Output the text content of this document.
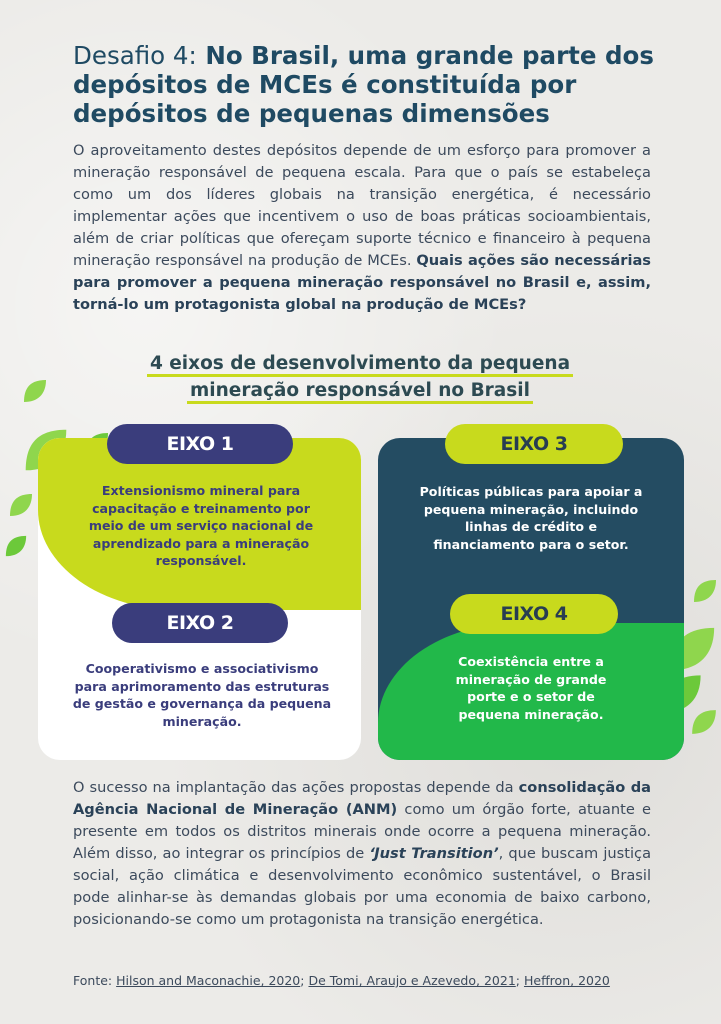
Desafio 4: No Brasil, uma grande parte dos depósitos de MCEs é constituída por depósitos de pequenas dimensões

O aproveitamento destes depósitos depende de um esforço para promover a mineração responsável de pequena escala. Para que o país se estabeleça como um dos líderes globais na transição energética, é necessário implementar ações que incentivem o uso de boas práticas socioambientais, além de criar políticas que ofereçam suporte técnico e financeiro à pequena mineração responsável na produção de MCEs. Quais ações são necessárias para promover a pequena mineração responsável no Brasil e, assim, torná-lo um protagonista global na produção de MCEs?

4 eixos de desenvolvimento da pequena
mineração responsável no Brasil
Extensionismo mineral para capacitação e treinamento por meio de um serviço nacional de aprendizado para a mineração responsável.
Cooperativismo e associativismo para aprimoramento das estruturas de gestão e governança da pequena mineração.
Políticas públicas para apoiar a pequena mineração, incluindo linhas de crédito e financiamento para o setor.
Coexistência entre a mineração de grande porte e o setor de pequena mineração.
EIXO 1
EIXO 2
EIXO 3
EIXO 4

O sucesso na implantação das ações propostas depende da consolidação da Agência Nacional de Mineração (ANM) como um órgão forte, atuante e presente em todos os distritos minerais onde ocorre a pequena mineração. Além disso, ao integrar os princípios de ‘Just Transition’, que buscam justiça social, ação climática e desenvolvimento econômico sustentável, o Brasil pode alinhar-se às demandas globais por uma economia de baixo carbono, posicionando-se como um protagonista na transição energética.

Fonte: Hilson and Maconachie, 2020; De Tomi, Araujo e Azevedo, 2021; Heffron, 2020
